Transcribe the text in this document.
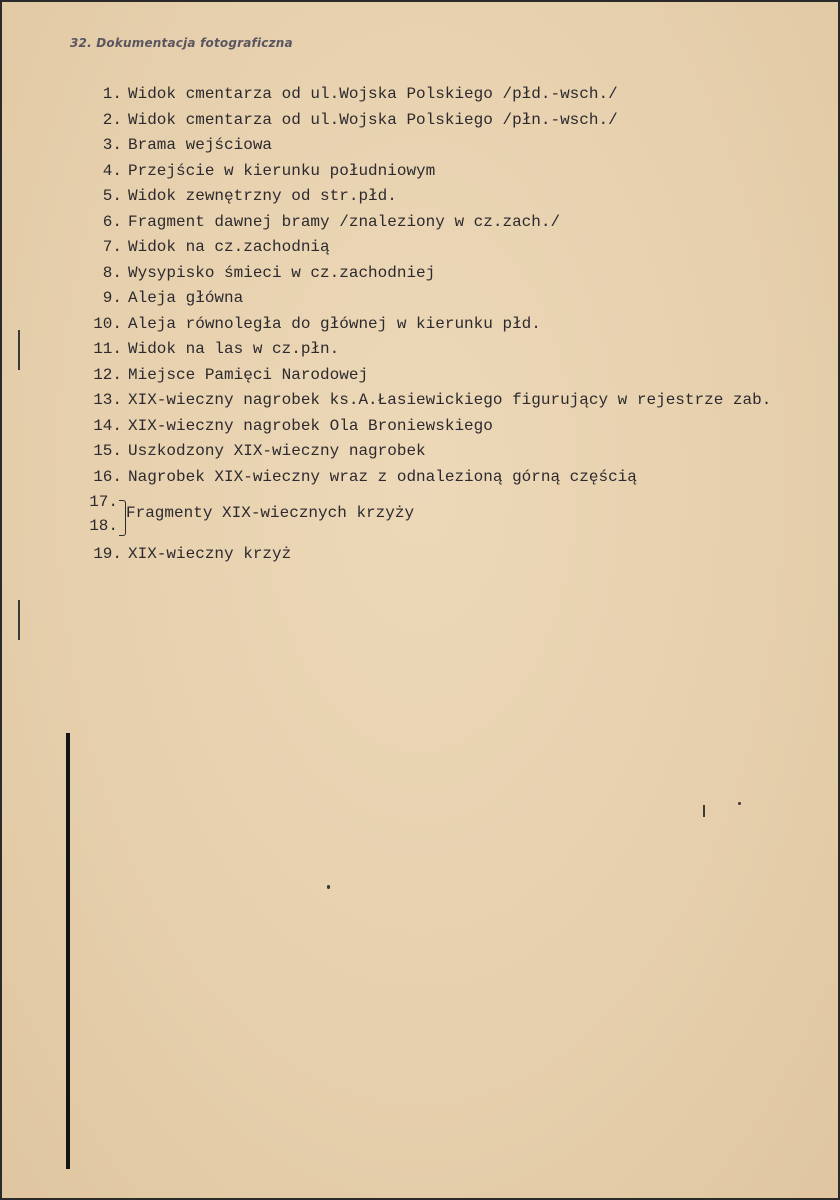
32. Dokumentacja fotograficzna
1. Widok cmentarza od ul.Wojska Polskiego /płd.-wsch./
2. Widok cmentarza od ul.Wojska Polskiego /płn.-wsch./
3. Brama wejściowa
4. Przejście w kierunku południowym
5. Widok zewnętrzny od str.płd.
6. Fragment dawnej bramy /znaleziony w cz.zach./
7. Widok na cz.zachodnią
8. Wysypisko śmieci w cz.zachodniej
9. Aleja główna
10. Aleja równoległa do głównej w kierunku płd.
11. Widok na las w cz.płn.
12. Miejsce Pamięci Narodowej
13. XIX-wieczny nagrobek ks.A.Łasiewickiego figurujący w rejestrze zab.
14. XIX-wieczny nagrobek Ola Broniewskiego
15. Uszkodzony XIX-wieczny nagrobek
16. Nagrobek XIX-wieczny wraz z odnalezioną górną częścią
17.
18.
Fragmenty XIX-wiecznych krzyży
19. XIX-wieczny krzyż
